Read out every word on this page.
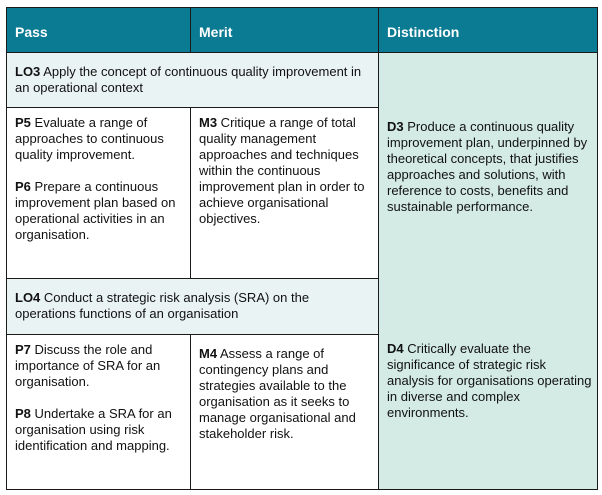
Pass	Merit	Distinction

D3 Produce a continuous quality improvement plan, underpinned by theoretical concepts, that justifies approaches and solutions, with reference to costs, benefits and sustainable performance.

D4 Critically evaluate the significance of strategic risk analysis for organisations operating in diverse and complex environments.

LO3 Apply the concept of continuous quality improvement in an operational context

P5 Evaluate a range of approaches to continuous quality improvement.

P6 Prepare a continuous improvement plan based on operational activities in an organisation.

M3 Critique a range of total quality management approaches and techniques within the continuous improvement plan in order to achieve organisational objectives.

LO4 Conduct a strategic risk analysis (SRA) on the operations functions of an organisation

P7 Discuss the role and importance of SRA for an organisation.

P8 Undertake a SRA for an organisation using risk identification and mapping.

M4 Assess a range of contingency plans and strategies available to the organisation as it seeks to manage organisational and stakeholder risk.
